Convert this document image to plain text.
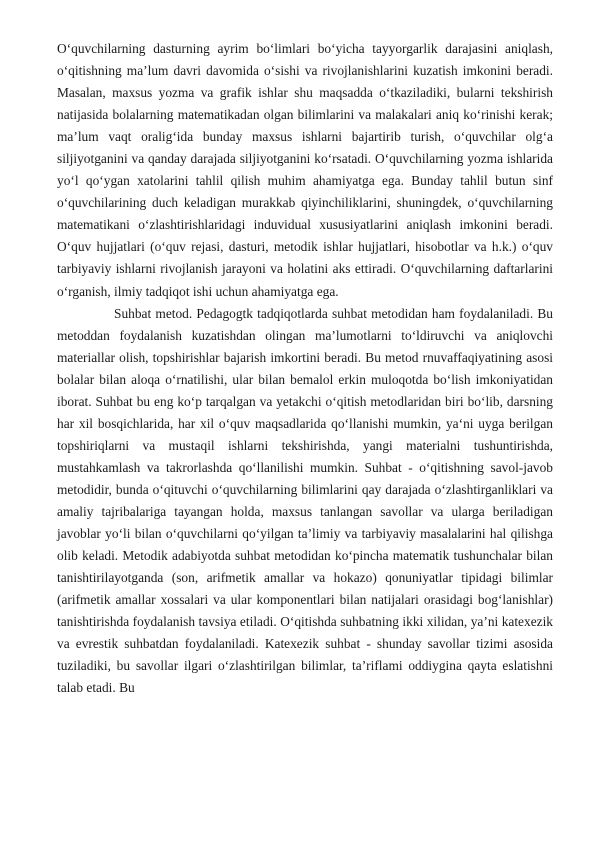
O‘quvchilarning dasturning ayrim bo‘limlari bo‘yicha tayyorgarlik darajasini aniqlash, o‘qitishning ma’lum davri davomida o‘sishi va rivojlanishlarini kuzatish imkonini beradi. Masalan, maxsus yozma va grafik ishlar shu maqsadda o‘tkaziladiki, bularni tekshirish natijasida bolalarning matematikadan olgan bilimlarini va malakalari aniq ko‘rinishi kerak; ma’lum vaqt oralig‘ida bunday maxsus ishlarni bajartirib turish, o‘quvchilar olg‘a siljiyotganini va qanday darajada siljiyotganini ko‘rsatadi. O‘quvchilarning yozma ishlarida yo‘l qo‘ygan xatolarini tahlil qilish muhim ahamiyatga ega. Bunday tahlil butun sinf o‘quvchilarining duch keladigan murakkab qiyinchiliklarini, shuningdek, o‘quvchilarning matematikani o‘zlashtirishlaridagi induvidual xususiyatlarini aniqlash imkonini beradi. O‘quv hujjatlari (o‘quv rejasi, dasturi, metodik ishlar hujjatlari, hisobotlar va h.k.) o‘quv tarbiyaviy ishlarni rivojlanish jarayoni va holatini aks ettiradi. O‘quvchilarning daftarlarini o‘rganish, ilmiy tadqiqot ishi uchun ahamiyatga ega.

Suhbat metod. Pedagogtk tadqiqotlarda suhbat metodidan ham foydalaniladi. Bu metoddan foydalanish kuzatishdan olingan ma’lumotlarni to‘ldiruvchi va aniqlovchi materiallar olish, topshirishlar bajarish imkortini beradi. Bu metod rnuvaffaqiyatining asosi bolalar bilan aloqa o‘rnatilishi, ular bilan bemalol erkin muloqotda bo‘lish imkoniyatidan iborat. Suhbat bu eng ko‘p tarqalgan va yetakchi o‘qitish metodlaridan biri bo‘lib, darsning har xil bosqichlarida, har xil o‘quv maqsadlarida qo‘llanishi mumkin, ya‘ni uyga berilgan topshiriqlarni va mustaqil ishlarni tekshirishda, yangi materialni tushuntirishda, mustahkamlash va takrorlashda qo‘llanilishi mumkin. Suhbat - o‘qitishning savol-javob metodidir, bunda o‘qituvchi o‘quvchilarning bilimlarini qay darajada o‘zlashtirganliklari va amaliy tajribalariga tayangan holda, maxsus tanlangan savollar va ularga beriladigan javoblar yo‘li bilan o‘quvchilarni qo‘yilgan ta’limiy va tarbiyaviy masalalarini hal qilishga olib keladi. Metodik adabiyotda suhbat metodidan ko‘pincha matematik tushunchalar bilan tanishtirilayotganda (son, arifmetik amallar va hokazo) qonuniyatlar tipidagi bilimlar (arifmetik amallar xossalari va ular komponentlari bilan natijalari orasidagi bog‘lanishlar) tanishtirishda foydalanish tavsiya etiladi. O‘qitishda suhbatning ikki xilidan, ya’ni katexezik va evrestik suhbatdan foydalaniladi. Katexezik suhbat - shunday savollar tizimi asosida tuziladiki, bu savollar ilgari o‘zlashtirilgan bilimlar, ta’riflami oddiygina qayta eslatishni talab etadi. Bu
